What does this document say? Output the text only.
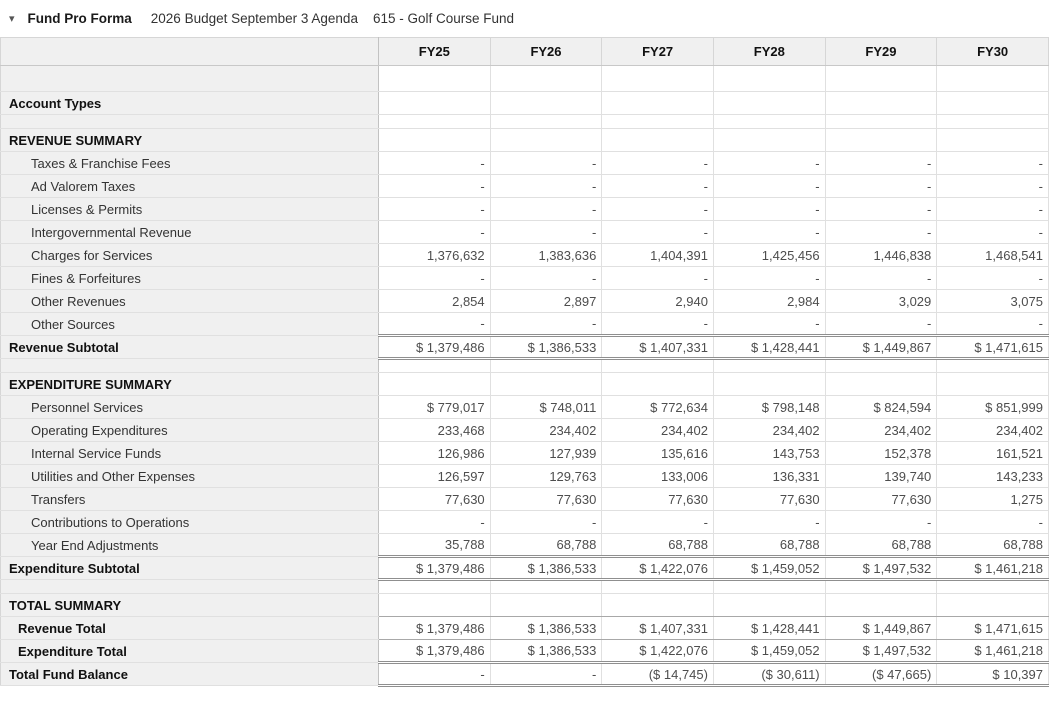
▾ Fund Pro Forma 2026 Budget September 3 Agenda 615 - Golf Course Fund
	FY25	FY26	FY27	FY28	FY29	FY30

Account Types						

REVENUE SUMMARY						
Taxes & Franchise Fees	-	-	-	-	-	-
Ad Valorem Taxes	-	-	-	-	-	-
Licenses & Permits	-	-	-	-	-	-
Intergovernmental Revenue	-	-	-	-	-	-
Charges for Services	1,376,632	1,383,636	1,404,391	1,425,456	1,446,838	1,468,541
Fines & Forfeitures	-	-	-	-	-	-
Other Revenues	2,854	2,897	2,940	2,984	3,029	3,075
Other Sources	-	-	-	-	-	-
Revenue Subtotal	$ 1,379,486	$ 1,386,533	$ 1,407,331	$ 1,428,441	$ 1,449,867	$ 1,471,615

EXPENDITURE SUMMARY						
Personnel Services	$ 779,017	$ 748,011	$ 772,634	$ 798,148	$ 824,594	$ 851,999
Operating Expenditures	233,468	234,402	234,402	234,402	234,402	234,402
Internal Service Funds	126,986	127,939	135,616	143,753	152,378	161,521
Utilities and Other Expenses	126,597	129,763	133,006	136,331	139,740	143,233
Transfers	77,630	77,630	77,630	77,630	77,630	1,275
Contributions to Operations	-	-	-	-	-	-
Year End Adjustments	35,788	68,788	68,788	68,788	68,788	68,788
Expenditure Subtotal	$ 1,379,486	$ 1,386,533	$ 1,422,076	$ 1,459,052	$ 1,497,532	$ 1,461,218

TOTAL SUMMARY						
Revenue Total	$ 1,379,486	$ 1,386,533	$ 1,407,331	$ 1,428,441	$ 1,449,867	$ 1,471,615
Expenditure Total	$ 1,379,486	$ 1,386,533	$ 1,422,076	$ 1,459,052	$ 1,497,532	$ 1,461,218
Total Fund Balance	-	-	($ 14,745)	($ 30,611)	($ 47,665)	$ 10,397
